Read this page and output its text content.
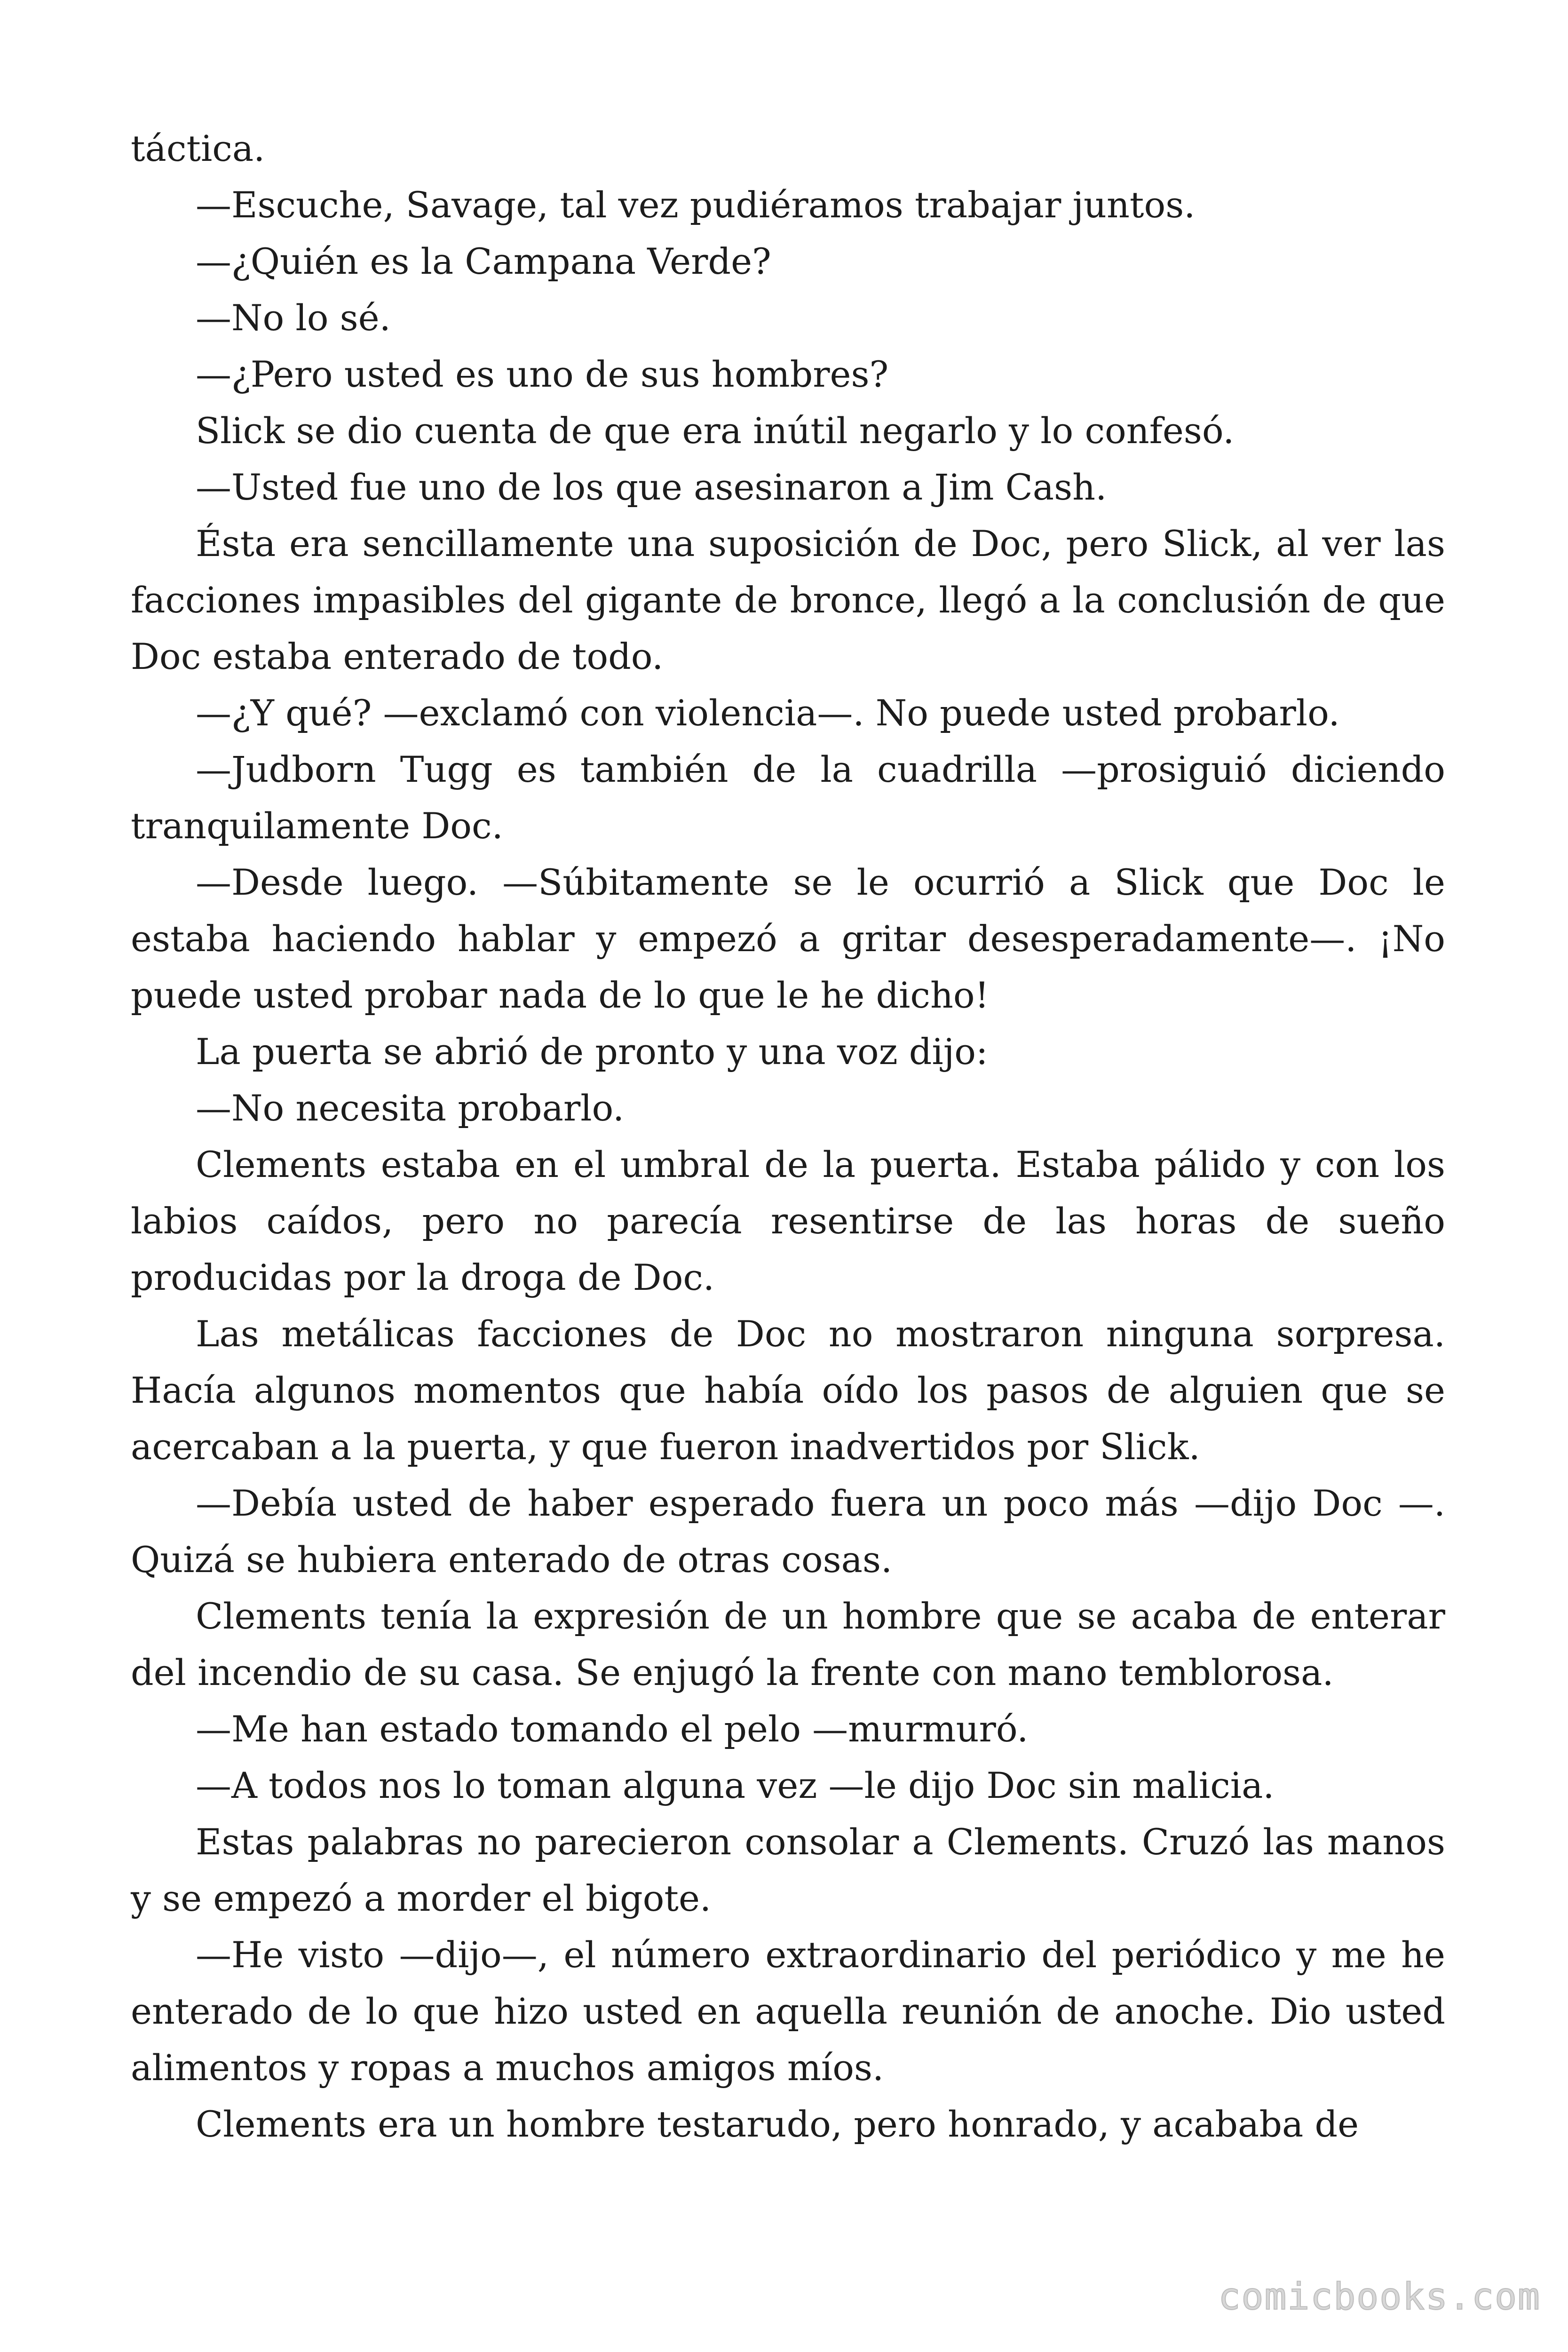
táctica.

—Escuche, Savage, tal vez pudiéramos trabajar juntos.

—¿Quién es la Campana Verde?

—No lo sé.

—¿Pero usted es uno de sus hombres?

Slick se dio cuenta de que era inútil negarlo y lo confesó.

—Usted fue uno de los que asesinaron a Jim Cash.

Ésta era sencillamente una suposición de Doc, pero Slick, al ver las facciones impasibles del gigante de bronce, llegó a la conclusión de que Doc estaba enterado de todo.

—¿Y qué? —exclamó con violencia—. No puede usted probarlo.

—Judborn Tugg es también de la cuadrilla —prosiguió diciendo tranquilamente Doc.

—Desde luego. —Súbitamente se le ocurrió a Slick que Doc le estaba haciendo hablar y empezó a gritar desesperadamente—. ¡No puede usted probar nada de lo que le he dicho!

La puerta se abrió de pronto y una voz dijo:

—No necesita probarlo.

Clements estaba en el umbral de la puerta. Estaba pálido y con los labios caídos, pero no parecía resentirse de las horas de sueño producidas por la droga de Doc.

Las metálicas facciones de Doc no mostraron ninguna sorpresa. Hacía algunos momentos que había oído los pasos de alguien que se acercaban a la puerta, y que fueron inadvertidos por Slick.

—Debía usted de haber esperado fuera un poco más —dijo Doc —. Quizá se hubiera enterado de otras cosas.

Clements tenía la expresión de un hombre que se acaba de enterar del incendio de su casa. Se enjugó la frente con mano temblorosa.

—Me han estado tomando el pelo —murmuró.

—A todos nos lo toman alguna vez —le dijo Doc sin malicia.

Estas palabras no parecieron consolar a Clements. Cruzó las manos y se empezó a morder el bigote.

—He visto —dijo—, el número extraordinario del periódico y me he enterado de lo que hizo usted en aquella reunión de anoche. Dio usted alimentos y ropas a muchos amigos míos.

Clements era un hombre testarudo, pero honrado, y acababa de

comicbooks.com
